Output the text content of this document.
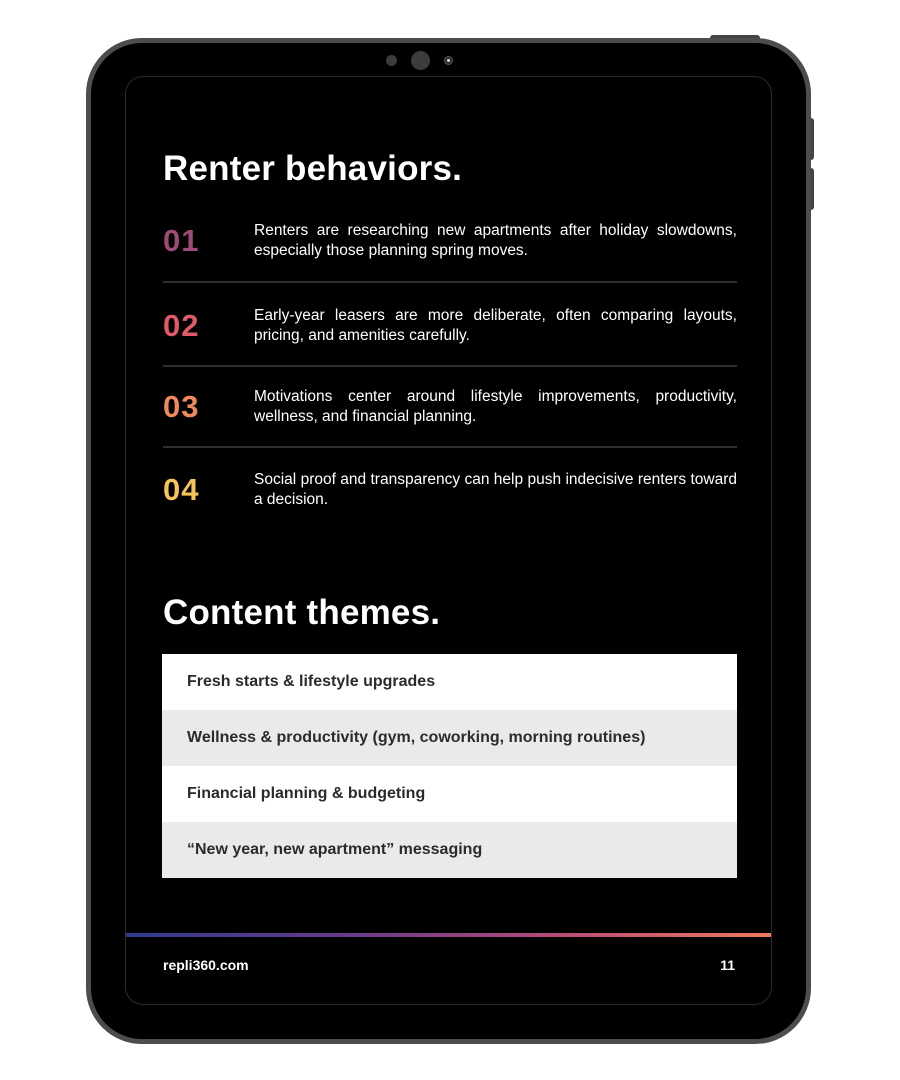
Renter behaviors.
01	Renters are researching new apartments after holiday slowdowns, especially those planning spring moves.
02	Early-year leasers are more deliberate, often comparing layouts, pricing, and amenities carefully.
03	Motivations center around lifestyle improvements, productivity, wellness, and financial planning.
04	Social proof and transparency can help push indecisive renters toward a decision.
Content themes.
Fresh starts & lifestyle upgrades
Wellness & productivity (gym, coworking, morning routines)
Financial planning & budgeting
“New year, new apartment” messaging
repli360.com	11
